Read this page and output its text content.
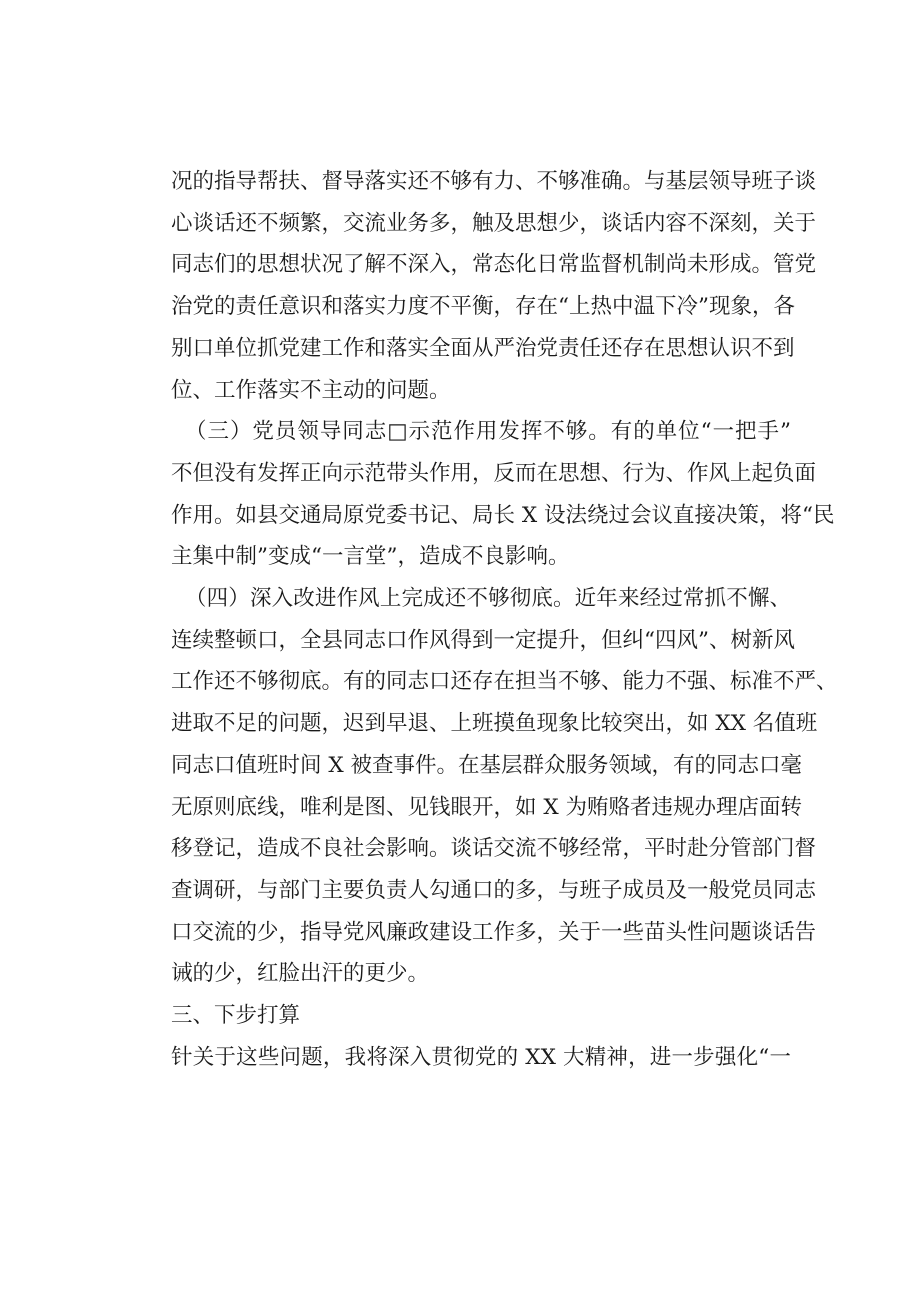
况的指导帮扶、督导落实还不够有力、不够准确。与基层领导班子谈
心谈话还不频繁，交流业务多，触及思想少，谈话内容不深刻，关于
同志们的思想状况了解不深入，常态化日常监督机制尚未形成。管党
治党的责任意识和落实力度不平衡，存在“上热中温下冷”现象，各
别口单位抓党建工作和落实全面从严治党责任还存在思想认识不到
位、工作落实不主动的问题。
（三）党员领导同志□示范作用发挥不够。有的单位“一把手”
不但没有发挥正向示范带头作用，反而在思想、行为、作风上起负面
作用。如县交通局原党委书记、局长 X 设法绕过会议直接决策，将“民
主集中制”变成“一言堂”，造成不良影响。
（四）深入改进作风上完成还不够彻底。近年来经过常抓不懈、
连续整顿口，全县同志口作风得到一定提升，但纠“四风”、树新风
工作还不够彻底。有的同志口还存在担当不够、能力不强、标准不严、
进取不足的问题，迟到早退、上班摸鱼现象比较突出，如 XX 名值班
同志口值班时间 X 被查事件。在基层群众服务领域，有的同志口毫
无原则底线，唯利是图、见钱眼开，如 X 为贿赂者违规办理店面转
移登记，造成不良社会影响。谈话交流不够经常，平时赴分管部门督
查调研，与部门主要负责人勾通口的多，与班子成员及一般党员同志
口交流的少，指导党风廉政建设工作多，关于一些苗头性问题谈话告
诫的少，红脸出汗的更少。
三、下步打算
针关于这些问题，我将深入贯彻党的 XX 大精神，进一步强化“一
